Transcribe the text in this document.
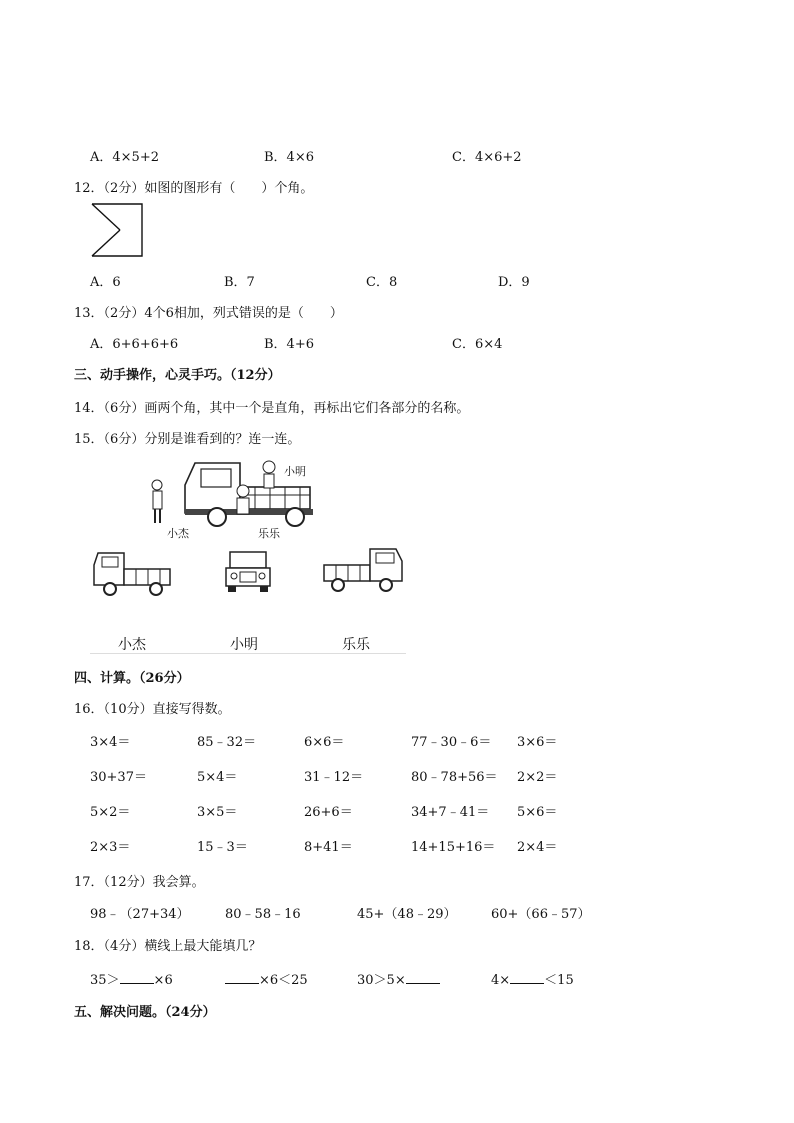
A．4×5+2	B．4×6	C．4×6+2
12．（2分）如图的图形有（　　）个角。
A．6	B．7	C．8	D．9
13．（2分）4个6相加，列式错误的是（　　）
A．6+6+6+6	B．4+6	C．6×4
三、动手操作，心灵手巧。（12分）
14．（6分）画两个角，其中一个是直角，再标出它们各部分的名称。
15．（6分）分别是谁看到的？连一连。
小明
小杰	乐乐
小杰	小明	乐乐
四、计算。（26分）
16．（10分）直接写得数。
3×4＝	85﹣32＝	6×6＝	77﹣30﹣6＝ 3×6＝
30+37＝	5×4＝	31﹣12＝	80﹣78+56＝ 2×2＝
5×2＝	3×5＝	26+6＝	34+7﹣41＝ 5×6＝
2×3＝	15﹣3＝	8+41＝	14+15+16＝ 2×4＝
17．（12分）我会算。
98﹣（27+34）	80﹣58﹣16	45+（48﹣29）	60+（66﹣57）
18．（4分）横线上最大能填几？
35＞	×6	×6＜25	30＞5×	4×	＜15
五、解决问题。（24分）
